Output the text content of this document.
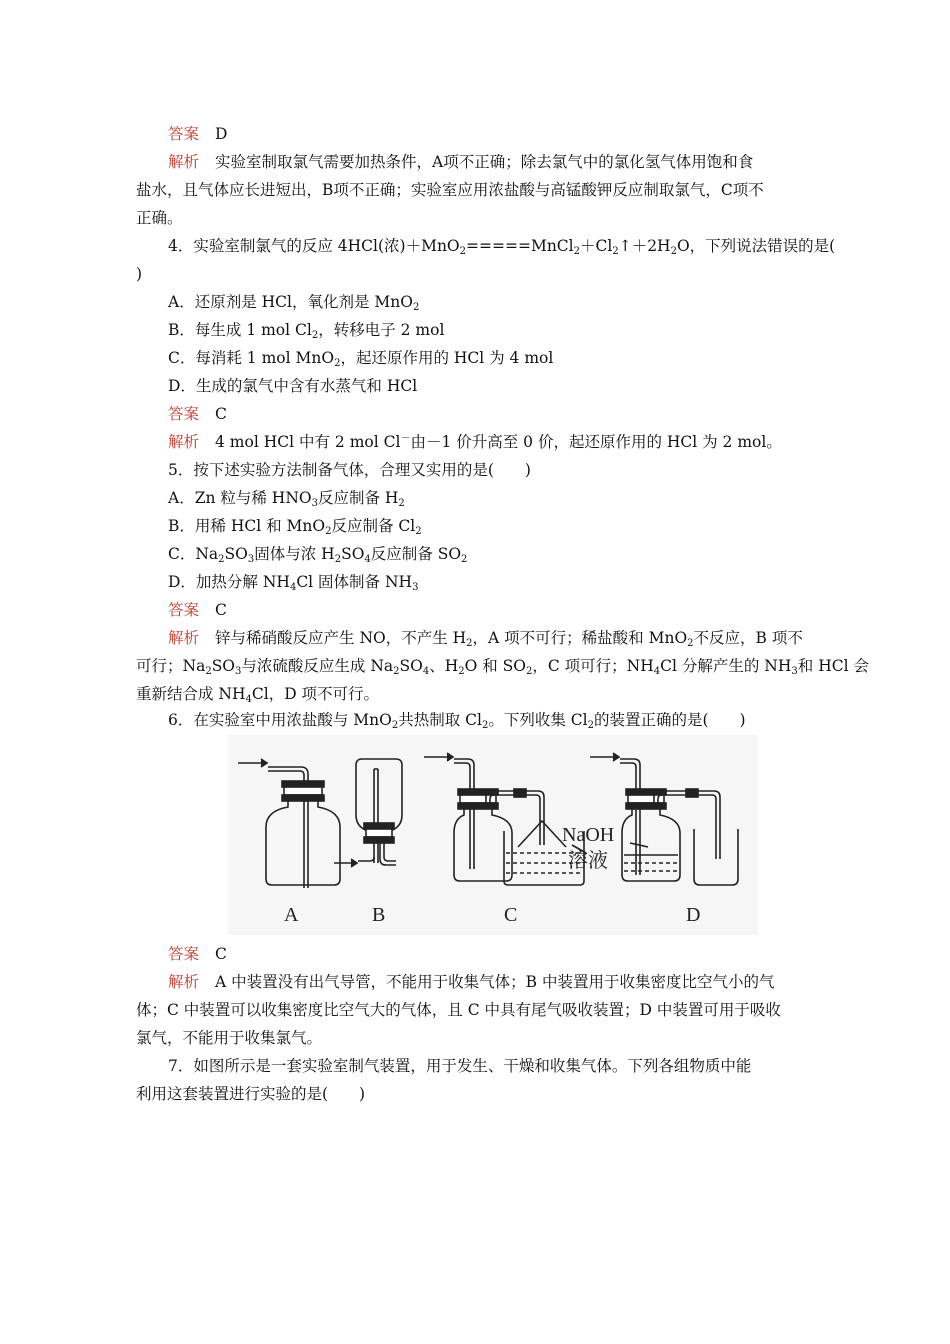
答案 D
解析 实验室制取氯气需要加热条件，A项不正确；除去氯气中的氯化氢气体用饱和食
盐水，且气体应长进短出，B项不正确；实验室应用浓盐酸与高锰酸钾反应制取氯气，C项不
正确。
4．实验室制氯气的反应 4HCl(浓)$+MnO_2=====MnCl_2+Cl_2↑+2H_2O$，下列说法错误的是(
)
A．还原剂是 HCl，氧化剂是 MnO$_2$
B．每生成 1 mol $Cl_2$，转移电子 2 mol
C．每消耗 1 mol MnO$_2$，起还原作用的 HCl 为 4 mol
D．生成的氯气中含有水蒸气和 HCl
答案 C
解析 4 mol HCl 中有 2 mol Cl－由－1 价升高至 0 价，起还原作用的 HCl 为 2 mol。
5．按下述实验方法制备气体，合理又实用的是(　　)
A．Zn 粒与稀 $HNO_3$反应制备 $H_2$
B．用稀 HCl 和 MnO$_2$反应制备 $Cl_2$
C．$Na_2SO_3$固体与浓 $H_2SO_4$反应制备 $SO_2$
D．加热分解 $NH_4Cl$ 固体制备 $NH_3$
答案 C
解析 锌与稀硝酸反应产生 NO，不产生 $H_2$，A 项不可行；稀盐酸和 MnO$_2$不反应，B 项不
可行；$Na_2SO_3$与浓硫酸反应生成 $Na_2SO_4$、$H_2O$ 和 $SO_2$，C 项可行；$NH_4Cl$ 分解产生的 $NH_3$和 HCl 会
重新结合成 $NH_4Cl$，D 项不可行。
6．在实验室中用浓盐酸与 MnO$_2$共热制取 $Cl_2$。下列收集 $Cl_2$的装置正确的是(　　)
NaOH
溶液
A	B	C	D
答案 C
解析 A 中装置没有出气导管，不能用于收集气体；B 中装置用于收集密度比空气小的气
体；C 中装置可以收集密度比空气大的气体，且 C 中具有尾气吸收装置；D 中装置可用于吸收
氯气，不能用于收集氯气。
7．如图所示是一套实验室制气装置，用于发生、干燥和收集气体。下列各组物质中能
利用这套装置进行实验的是(　　)
